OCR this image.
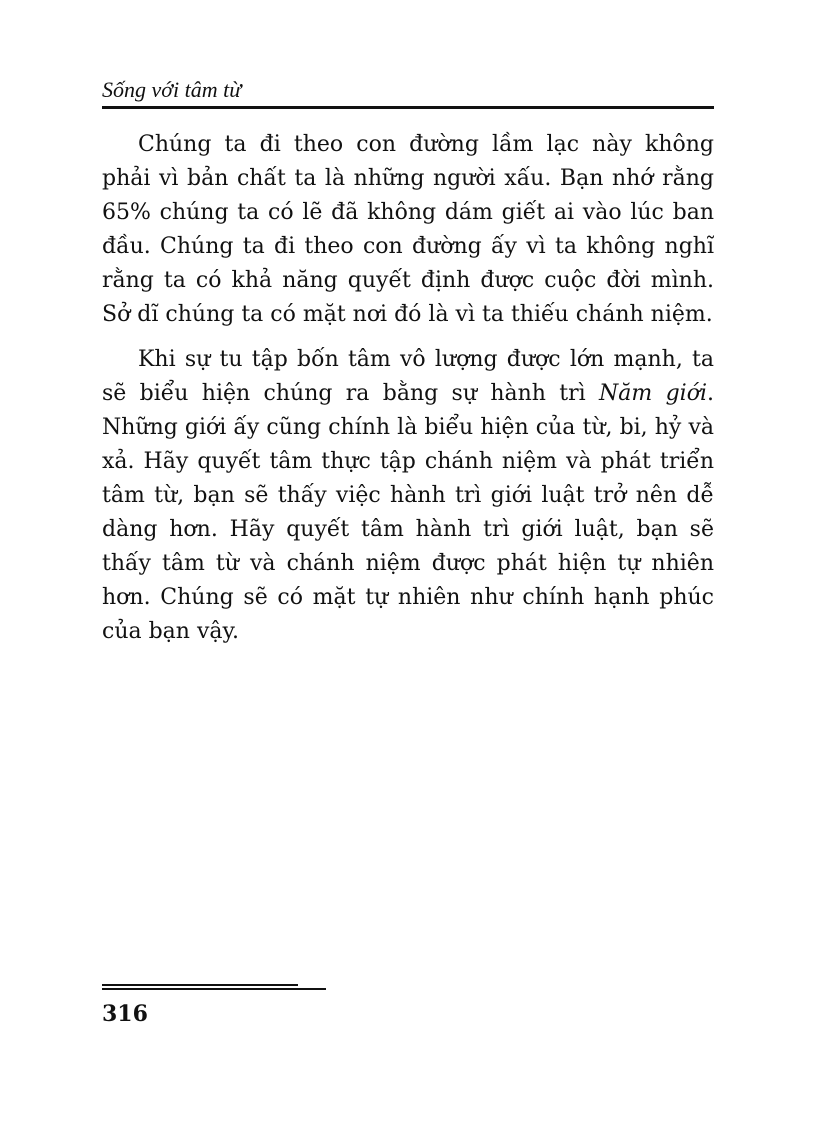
Sống với tâm từ

Chúng ta đi theo con đường lầm lạc này không phải vì bản chất ta là những người xấu. Bạn nhớ rằng 65% chúng ta có lẽ đã không dám giết ai vào lúc ban đầu. Chúng ta đi theo con đường ấy vì ta không nghĩ rằng ta có khả năng quyết định được cuộc đời mình. Sở dĩ chúng ta có mặt nơi đó là vì ta thiếu chánh niệm.

Khi sự tu tập bốn tâm vô lượng được lớn mạnh, ta sẽ biểu hiện chúng ra bằng sự hành trì Năm giới. Những giới ấy cũng chính là biểu hiện của từ, bi, hỷ và xả. Hãy quyết tâm thực tập chánh niệm và phát triển tâm từ, bạn sẽ thấy việc hành trì giới luật trở nên dễ dàng hơn. Hãy quyết tâm hành trì giới luật, bạn sẽ thấy tâm từ và chánh niệm được phát hiện tự nhiên hơn. Chúng sẽ có mặt tự nhiên như chính hạnh phúc của bạn vậy.

316
